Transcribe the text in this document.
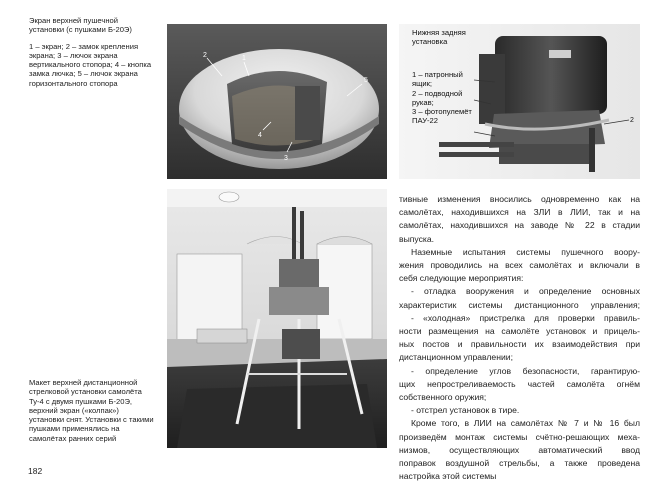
Экран верхней пушечной установки (с пушками Б-20Э)

1 – экран; 2 – замок крепления экрана; 3 – лючок экрана вертикального стопора; 4 – кнопка замка лючка; 5 – лючок экрана горизонтального стопора

2	1
5
4
3
2
Нижняя задняя установка
1 – патронный ящик;
2 – подводной рукав;
3 – фотопулемёт ПАУ-22

Макет верхней дистанционной стрелковой установки самолёта Ту-4 с двумя пушками Б-20Э, верхний экран («колпак») установки снят. Установки с такими пушками применялись на самолётах ранних серий

тивные изменения вносились одновременно как на
самолётах, находившихся на ЗЛИ в ЛИИ, так и на
самолётах, находившихся на заводе № 22 в стадии
выпуска.
Наземные испытания системы пушечного воору-
жения проводились на всех самолётах и включали в
себя следующие мероприятия:
- отладка вооружения и определение основных
характеристик системы дистанционного управления;
- «холодная» пристрелка для проверки правиль-
ности размещения на самолёте установок и прицель-
ных постов и правильности их взаимодействия при
дистанционном управлении;
- определение углов безопасности, гарантирую-
щих непростреливаемость частей самолёта огнём
собственного оружия;
- отстрел установок в тире.
Кроме того, в ЛИИ на самолётах № 7 и № 16 был
произведём монтаж системы счётно-решающих меха-
низмов, осуществляющих автоматический ввод
поправок воздушной стрельбы, а также проведена
настройка этой системы
182
